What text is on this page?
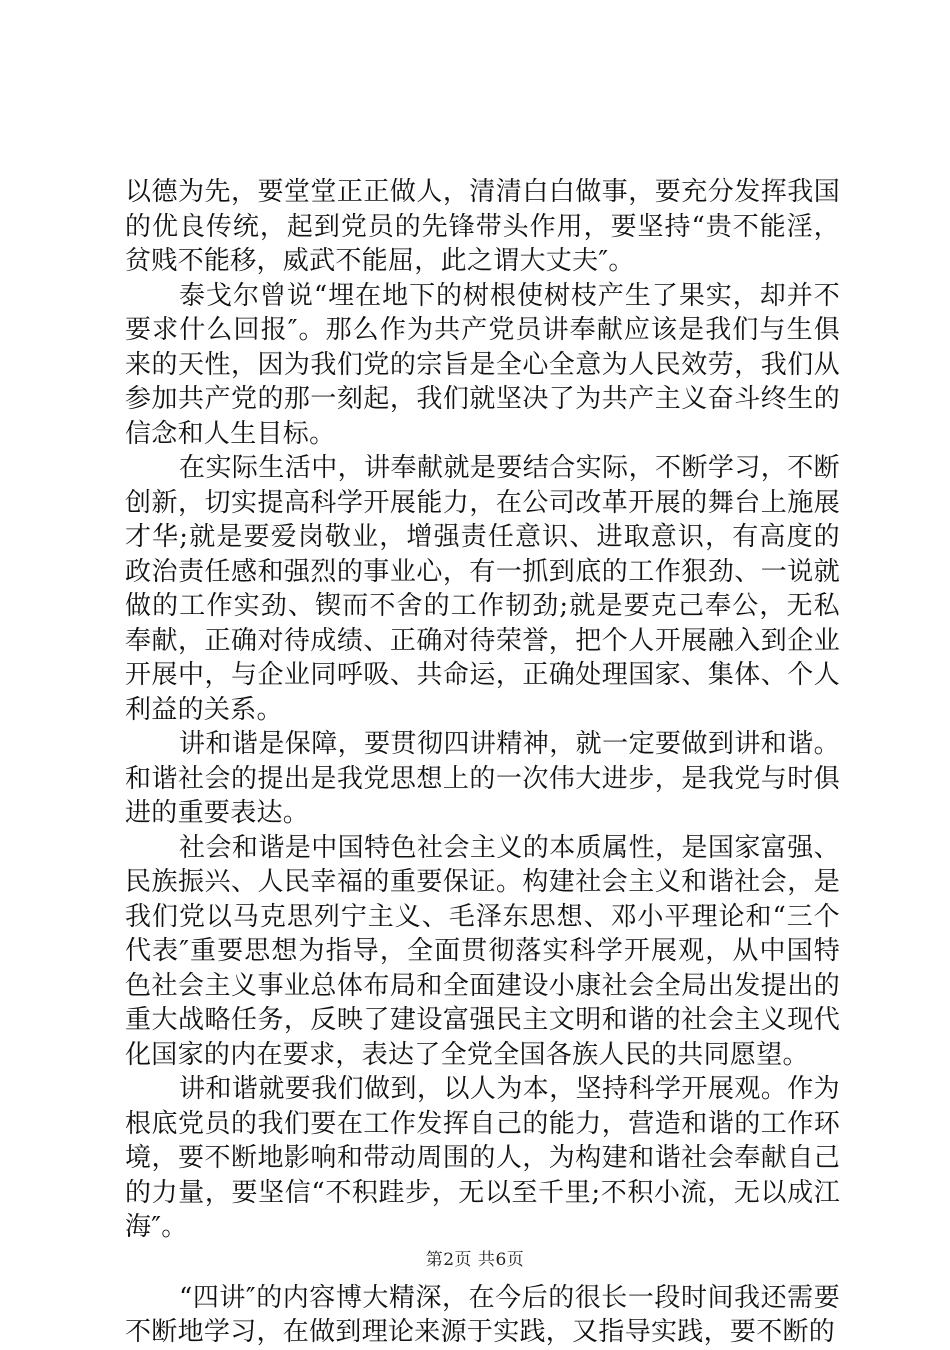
以德为先，要堂堂正正做人，清清白白做事，要充分发挥我国的优良传统，起到党员的先锋带头作用，要坚持“贵不能淫，贫贱不能移，威武不能屈，此之谓大丈夫″。

泰戈尔曾说“埋在地下的树根使树枝产生了果实，却并不要求什么回报″。那么作为共产党员讲奉献应该是我们与生俱来的天性，因为我们党的宗旨是全心全意为人民效劳，我们从参加共产党的那一刻起，我们就坚决了为共产主义奋斗终生的信念和人生目标。

在实际生活中，讲奉献就是要结合实际，不断学习，不断创新，切实提高科学开展能力，在公司改革开展的舞台上施展才华;就是要爱岗敬业，增强责任意识、进取意识，有高度的政治责任感和强烈的事业心，有一抓到底的工作狠劲、一说就做的工作实劲、锲而不舍的工作韧劲;就是要克己奉公，无私奉献，正确对待成绩、正确对待荣誉，把个人开展融入到企业开展中，与企业同呼吸、共命运，正确处理国家、集体、个人利益的关系。

讲和谐是保障，要贯彻四讲精神，就一定要做到讲和谐。和谐社会的提出是我党思想上的一次伟大进步，是我党与时俱进的重要表达。

社会和谐是中国特色社会主义的本质属性，是国家富强、民族振兴、人民幸福的重要保证。构建社会主义和谐社会，是我们党以马克思列宁主义、毛泽东思想、邓小平理论和“三个代表″重要思想为指导，全面贯彻落实科学开展观，从中国特色社会主义事业总体布局和全面建设小康社会全局出发提出的重大战略任务，反映了建设富强民主文明和谐的社会主义现代化国家的内在要求，表达了全党全国各族人民的共同愿望。

讲和谐就要我们做到，以人为本，坚持科学开展观。作为根底党员的我们要在工作发挥自己的能力，营造和谐的工作环境，要不断地影响和带动周围的人，为构建和谐社会奉献自己的力量，要坚信“不积跬步，无以至千里;不积小流，无以成江海″。

“四讲″的内容博大精深，在今后的很长一段时间我还需要不断地学习，在做到理论来源于实践，又指导实践，要不断的

第2页 共6页
